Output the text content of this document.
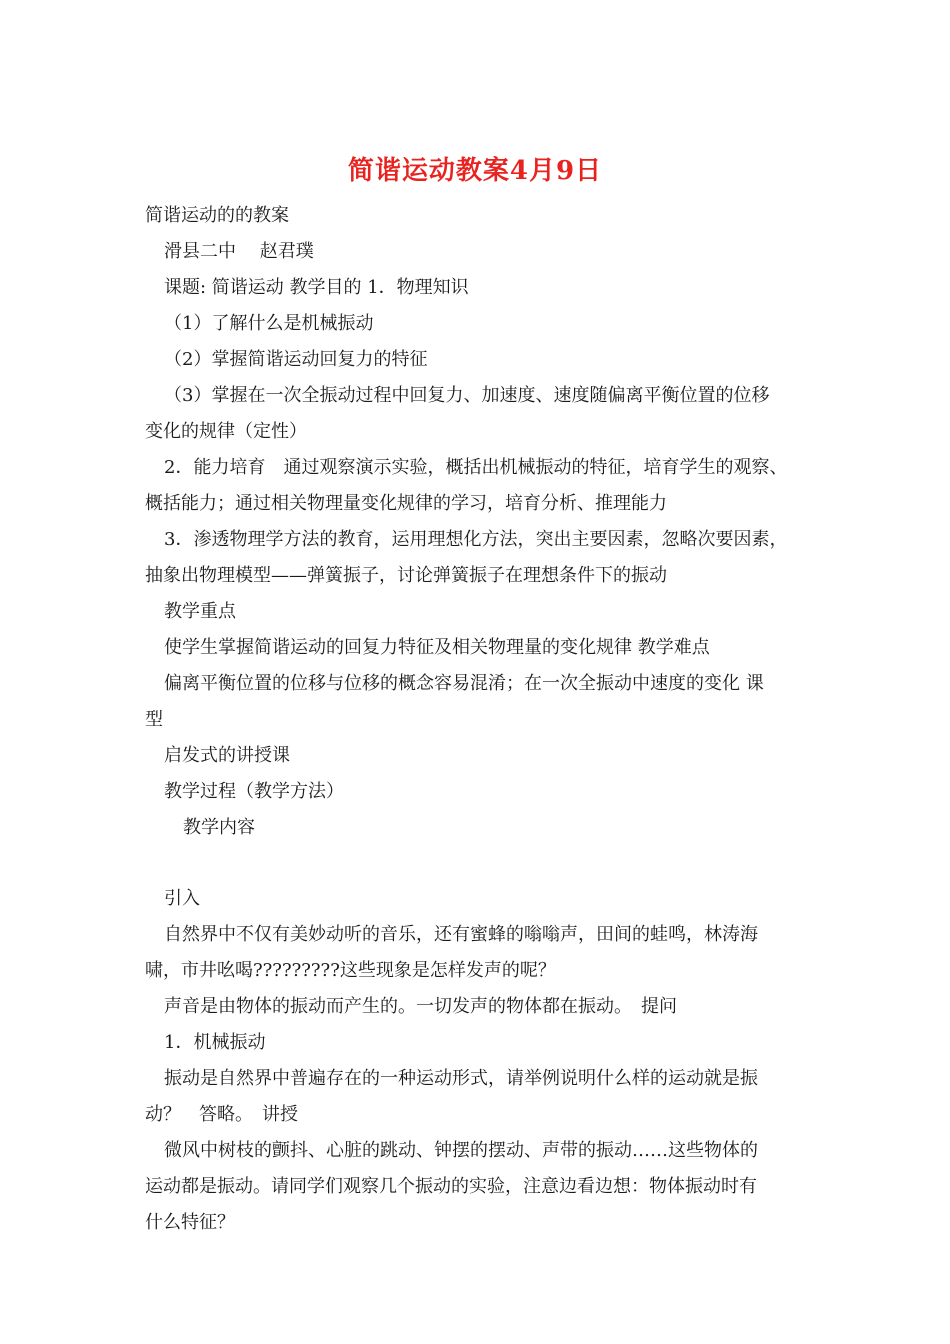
简谐运动教案4月9日

简谐运动的的教案

滑县二中　 赵君璞

课题: 简谐运动 教学目的 1．物理知识

（1）了解什么是机械振动

（2）掌握简谐运动回复力的特征

（3）掌握在一次全振动过程中回复力、加速度、速度随偏离平衡位置的位移

变化的规律（定性）

2．能力培育　通过观察演示实验，概括出机械振动的特征，培育学生的观察、

概括能力；通过相关物理量变化规律的学习，培育分析、推理能力

3．渗透物理学方法的教育，运用理想化方法，突出主要因素，忽略次要因素，

抽象出物理模型——弹簧振子，讨论弹簧振子在理想条件下的振动

教学重点

使学生掌握简谐运动的回复力特征及相关物理量的变化规律 教学难点

偏离平衡位置的位移与位移的概念容易混淆；在一次全振动中速度的变化 课

型

启发式的讲授课

教学过程（教学方法）

教学内容

引入

自然界中不仅有美妙动听的音乐，还有蜜蜂的嗡嗡声，田间的蛙鸣，林涛海

啸，市井吆喝?????????这些现象是怎样发声的呢？

声音是由物体的振动而产生的。一切发声的物体都在振动。　提问

1．机械振动

振动是自然界中普遍存在的一种运动形式，请举例说明什么样的运动就是振

动？　答略。　讲授

微风中树枝的颤抖、心脏的跳动、钟摆的摆动、声带的振动……这些物体的

运动都是振动。请同学们观察几个振动的实验，注意边看边想：物体振动时有

什么特征？
